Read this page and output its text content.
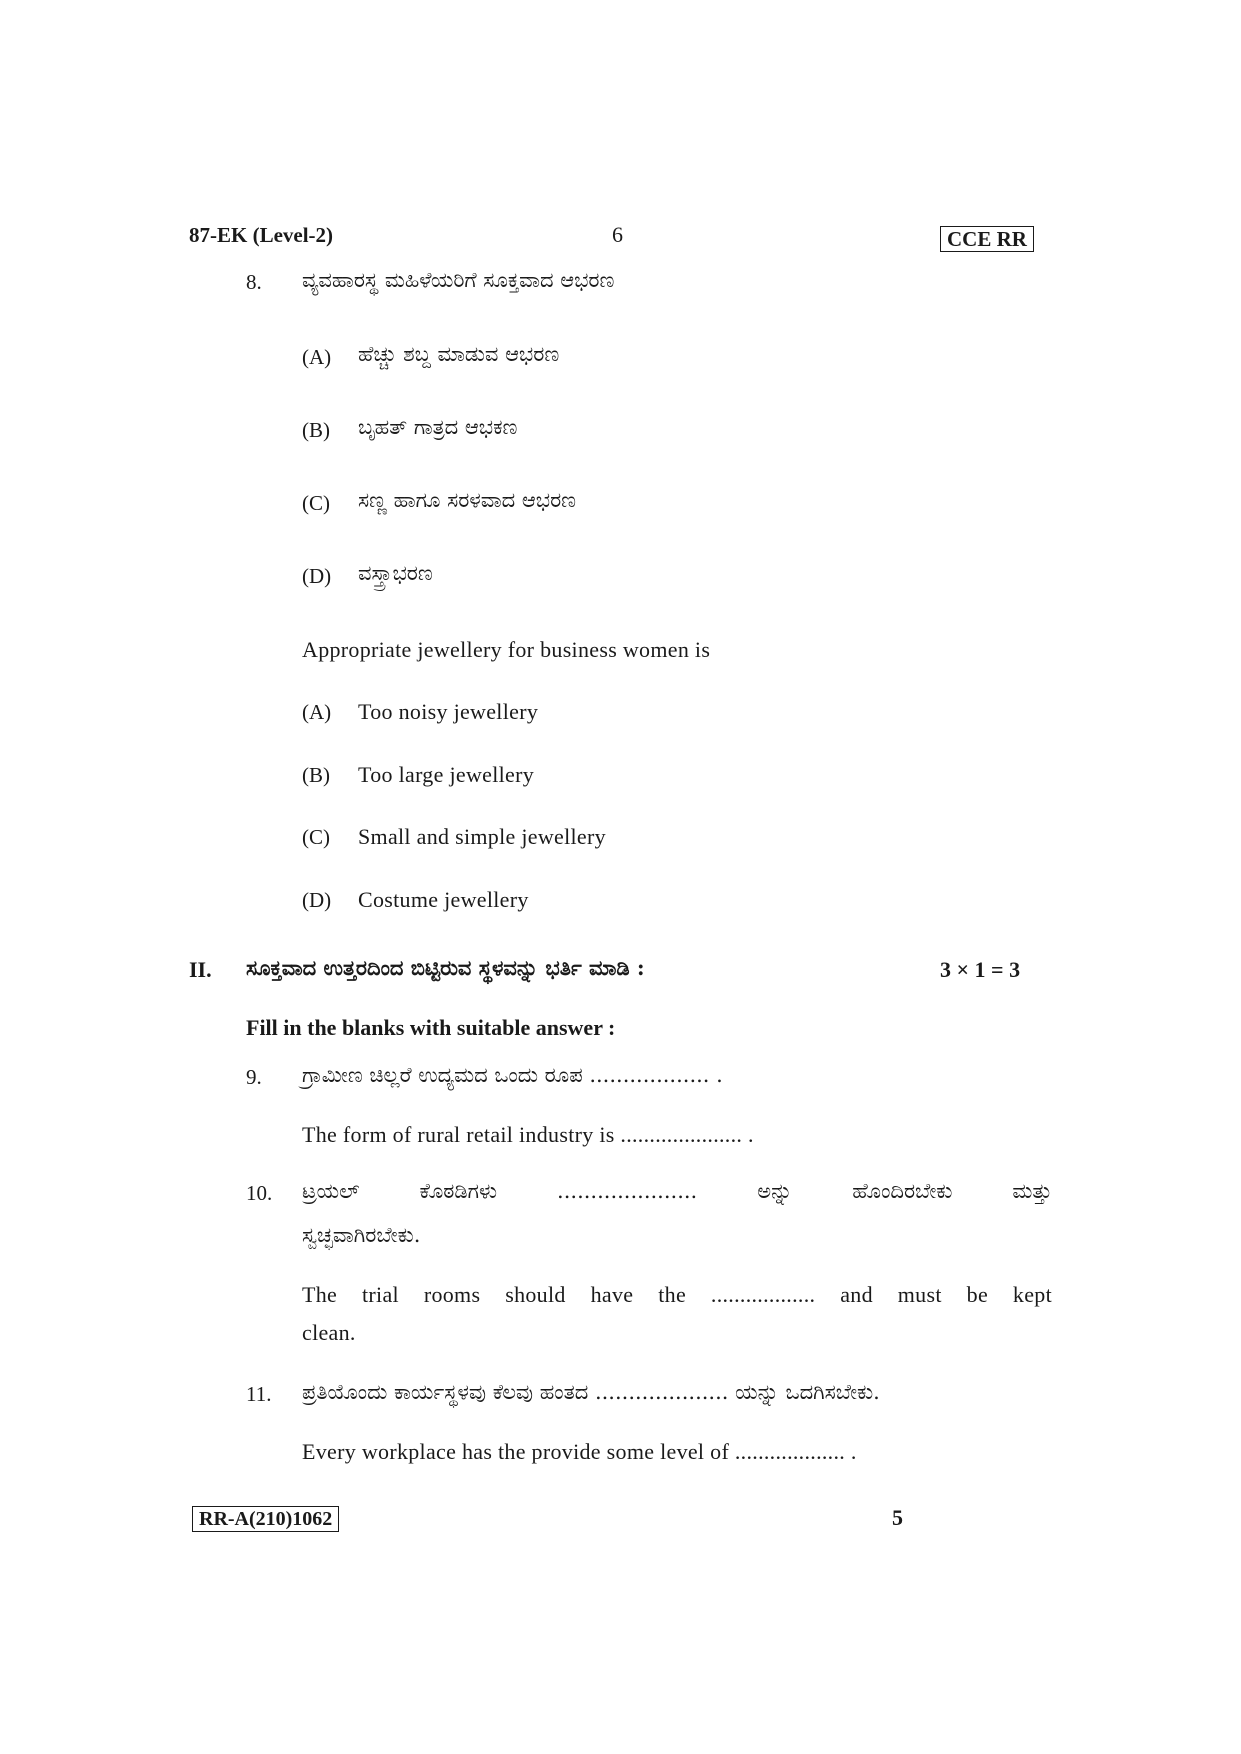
87-EK (Level-2)	6	CCE RR
8. ವ್ಯವಹಾರಸ್ಥ ಮಹಿಳೆಯರಿಗೆ ಸೂಕ್ತವಾದ ಆಭರಣ
(A) ಹೆಚ್ಚು ಶಬ್ದ ಮಾಡುವ ಆಭರಣ
(B) ಬೃಹತ್ ಗಾತ್ರದ ಆಭಕಣ
(C) ಸಣ್ಣ ಹಾಗೂ ಸರಳವಾದ ಆಭರಣ
(D) ವಸ್ತ್ರಾಭರಣ
Appropriate jewellery for business women is
(A) Too noisy jewellery
(B) Too large jewellery
(C) Small and simple jewellery
(D) Costume jewellery
II. ಸೂಕ್ತವಾದ ಉತ್ತರದಿಂದ ಬಿಟ್ಟಿರುವ ಸ್ಥಳವನ್ನು ಭರ್ತಿ ಮಾಡಿ :	3 × 1 = 3
Fill in the blanks with suitable answer :
9. ಗ್ರಾಮೀಣ ಚಿಲ್ಲರೆ ಉದ್ಯಮದ ಒಂದು ರೂಪ .................. .
The form of rural retail industry is ..................... .
10. ಟ್ರಯಲ್ ಕೊಠಡಿಗಳು ..................... ಅನ್ನು ಹೊಂದಿರಬೇಕು ಮತ್ತು
ಸ್ವಚ್ಛವಾಗಿರಬೇಕು.
The trial rooms should have the .................. and must be kept
clean.
11. ಪ್ರತಿಯೊಂದು ಕಾರ್ಯಸ್ಥಳವು ಕೆಲವು ಹಂತದ .................... ಯನ್ನು ಒದಗಿಸಬೇಕು.
Every workplace has the provide some level of ................... .
RR-A(210)1062	5
